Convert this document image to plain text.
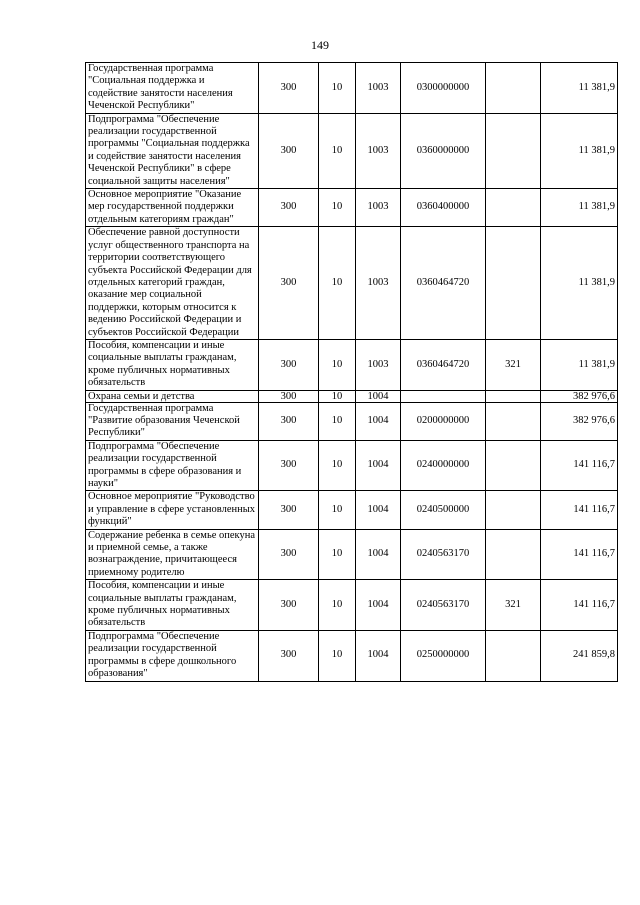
149
Государственная программа "Социальная поддержка и содействие занятости населения Чеченской Республики"	300	10	1003	0300000000		11 381,9
Подпрограмма "Обеспечение реализации государственной программы "Социальная поддержка и содействие занятости населения Чеченской Республики" в сфере социальной защиты населения"	300	10	1003	0360000000		11 381,9
Основное мероприятие "Оказание мер государственной поддержки отдельным категориям граждан"	300	10	1003	0360400000		11 381,9
Обеспечение равной доступности услуг общественного транспорта на территории соответствующего субъекта Российской Федерации для отдельных категорий граждан, оказание мер социальной поддержки, которым относится к ведению Российской Федерации и субъектов Российской Федерации	300	10	1003	0360464720		11 381,9
Пособия, компенсации и иные социальные выплаты гражданам, кроме публичных нормативных обязательств	300	10	1003	0360464720	321	11 381,9
Охрана семьи и детства	300	10	1004			382 976,6
Государственная программа "Развитие образования Чеченской Республики"	300	10	1004	0200000000		382 976,6
Подпрограмма "Обеспечение реализации государственной программы в сфере образования и науки"	300	10	1004	0240000000		141 116,7
Основное мероприятие "Руководство и управление в сфере установленных функций"	300	10	1004	0240500000		141 116,7
Содержание ребенка в семье опекуна и приемной семье, а также вознаграждение, причитающееся приемному родителю	300	10	1004	0240563170		141 116,7
Пособия, компенсации и иные социальные выплаты гражданам, кроме публичных нормативных обязательств	300	10	1004	0240563170	321	141 116,7
Подпрограмма "Обеспечение реализации государственной программы в сфере дошкольного образования"	300	10	1004	0250000000		241 859,8
